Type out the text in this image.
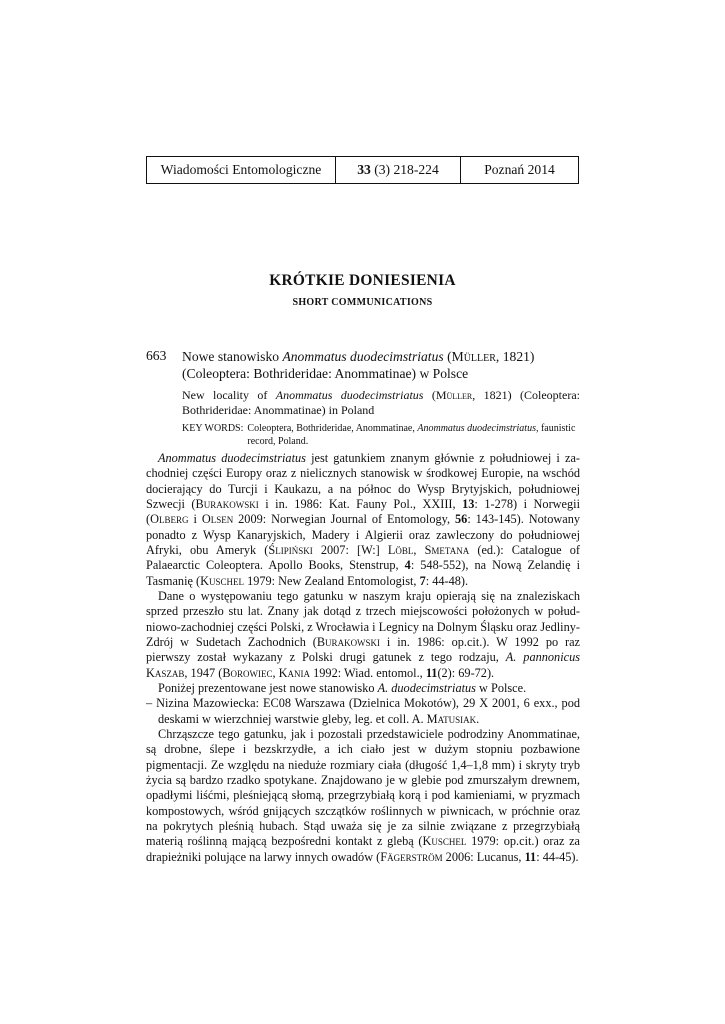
Wiadomości Entomologiczne	33
(3) 218-224	Poznań 2014
KRÓTKIE DONIESIENIA
SHORT COMMUNICATIONS
663 Nowe stanowisko Anommatus duodecimstriatus (Müller, 1821)
(Coleoptera: Bothrideridae: Anommatinae) w Polsce
New locality of Anommatus duodecimstriatus (Müller, 1821) (Coleoptera: Bothrideridae: Anommatinae) in Poland
KEY WORDS: Coleoptera, Bothrideridae, Anommatinae, Anommatus duodecimstriatus, faunistic record, Poland.

Anommatus duodecimstriatus jest gatunkiem znanym głównie z południowej i zachodniej części Europy oraz z nielicznych stanowisk w środkowej Europie, na wschód docierający do Turcji i Kaukazu, a na północ do Wysp Brytyjskich, południowej Szwecji (Burakowski i in. 1986: Kat. Fauny Pol., XXIII, 13: 1-278) i Norwegii (Olberg i Olsen 2009: Norwegian Journal of Entomology, 56: 143-145). Notowany ponadto z Wysp Kanaryjskich, Madery i Algierii oraz zawleczony do południowej Afryki, obu Ameryk (Ślipiński 2007: [W:] Löbl, Smetana (ed.): Catalogue of Palaearctic Coleoptera. Apollo Books, Stenstrup, 4: 548-552), na Nową Zelandię i Tasmanię (Kuschel 1979: New Zealand Entomologist, 7: 44-48).

Dane o występowaniu tego gatunku w naszym kraju opierają się na znaleziskach sprzed przeszło stu lat. Znany jak dotąd z trzech miejscowości położonych w południowo-zachodniej części Polski, z Wrocławia i Legnicy na Dolnym Śląsku oraz Jedliny-Zdrój w Sudetach Zachodnich (Burakowski i in. 1986: op.cit.). W 1992 po raz pierwszy został wykazany z Polski drugi gatunek z tego rodzaju, A. pannonicus Kaszab, 1947 (Borowiec, Kania 1992: Wiad. entomol., 11(2): 69-72).

Poniżej prezentowane jest nowe stanowisko A. duodecimstriatus w Polsce.

– Nizina Mazowiecka: EC08 Warszawa (Dzielnica Mokotów), 29 X 2001, 6 exx., pod deskami w wierzchniej warstwie gleby, leg. et coll. A. Matusiak.

Chrząszcze tego gatunku, jak i pozostali przedstawiciele podrodziny Anommatinae, są drobne, ślepe i bezskrzydłe, a ich ciało jest w dużym stopniu pozbawione pigmentacji. Ze względu na nieduże rozmiary ciała (długość 1,4–1,8 mm) i skryty tryb życia są bardzo rzadko spotykane. Znajdowano je w glebie pod zmurszałym drewnem, opadłymi liśćmi, pleśniejącą słomą, przegrzybiałą korą i pod kamieniami, w pryzmach kompostowych, wśród gnijących szczątków roślinnych w piwnicach, w próchnie oraz na pokrytych pleśnią hubach. Stąd uważa się je za silnie związane z przegrzybiałą materią roślinną mającą bezpośredni kontakt z glebą (Kuschel 1979: op.cit.) oraz za drapieżniki polujące na larwy innych owadów (Fägerström 2006: Lucanus, 11: 44-45).
